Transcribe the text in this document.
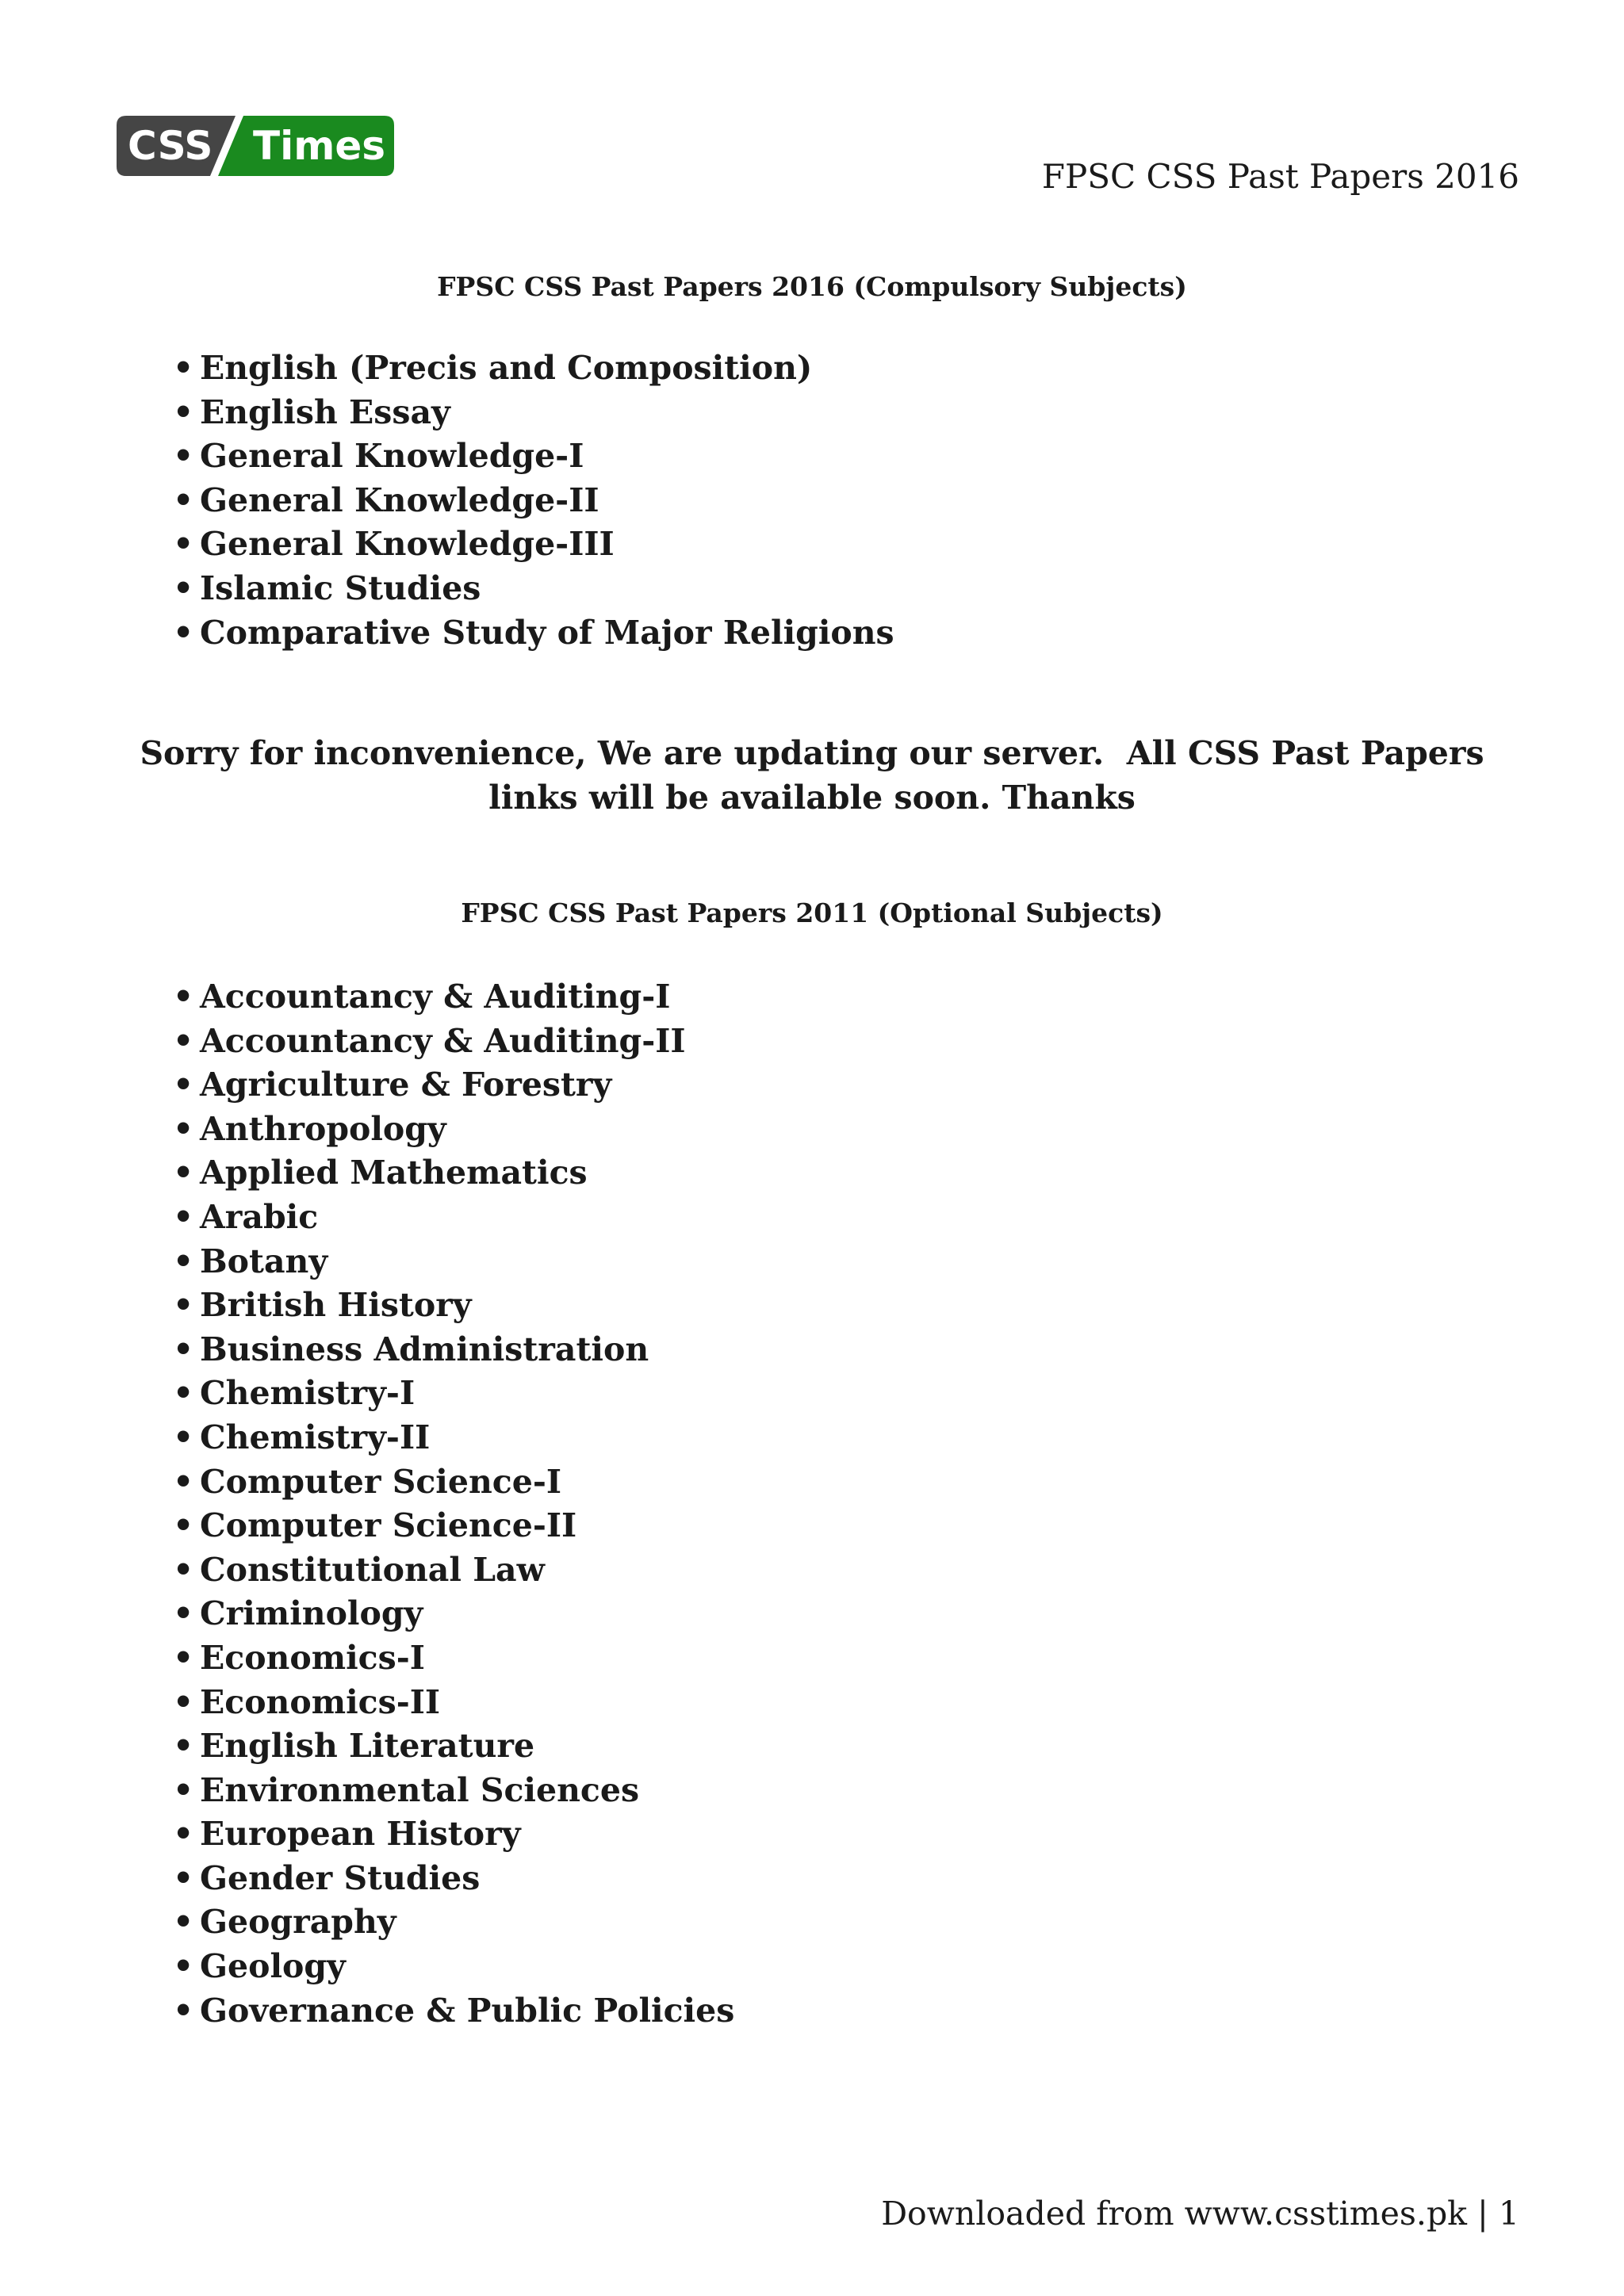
CSS Times
FPSC CSS Past Papers 2016
FPSC CSS Past Papers 2016 (Compulsory Subjects)
• English (Precis and Composition)
• English Essay
• General Knowledge-I
• General Knowledge-II
• General Knowledge-III
• Islamic Studies
• Comparative Study of Major Religions
Sorry for inconvenience, We are updating our server.  All CSS Past Papers
links will be available soon. Thanks
FPSC CSS Past Papers 2011 (Optional Subjects)
• Accountancy & Auditing-I
• Accountancy & Auditing-II
• Agriculture & Forestry
• Anthropology
• Applied Mathematics
• Arabic
• Botany
• British History
• Business Administration
• Chemistry-I
• Chemistry-II
• Computer Science-I
• Computer Science-II
• Constitutional Law
• Criminology
• Economics-I
• Economics-II
• English Literature
• Environmental Sciences
• European History
• Gender Studies
• Geography
• Geology
• Governance & Public Policies
Downloaded from www.csstimes.pk | 1
